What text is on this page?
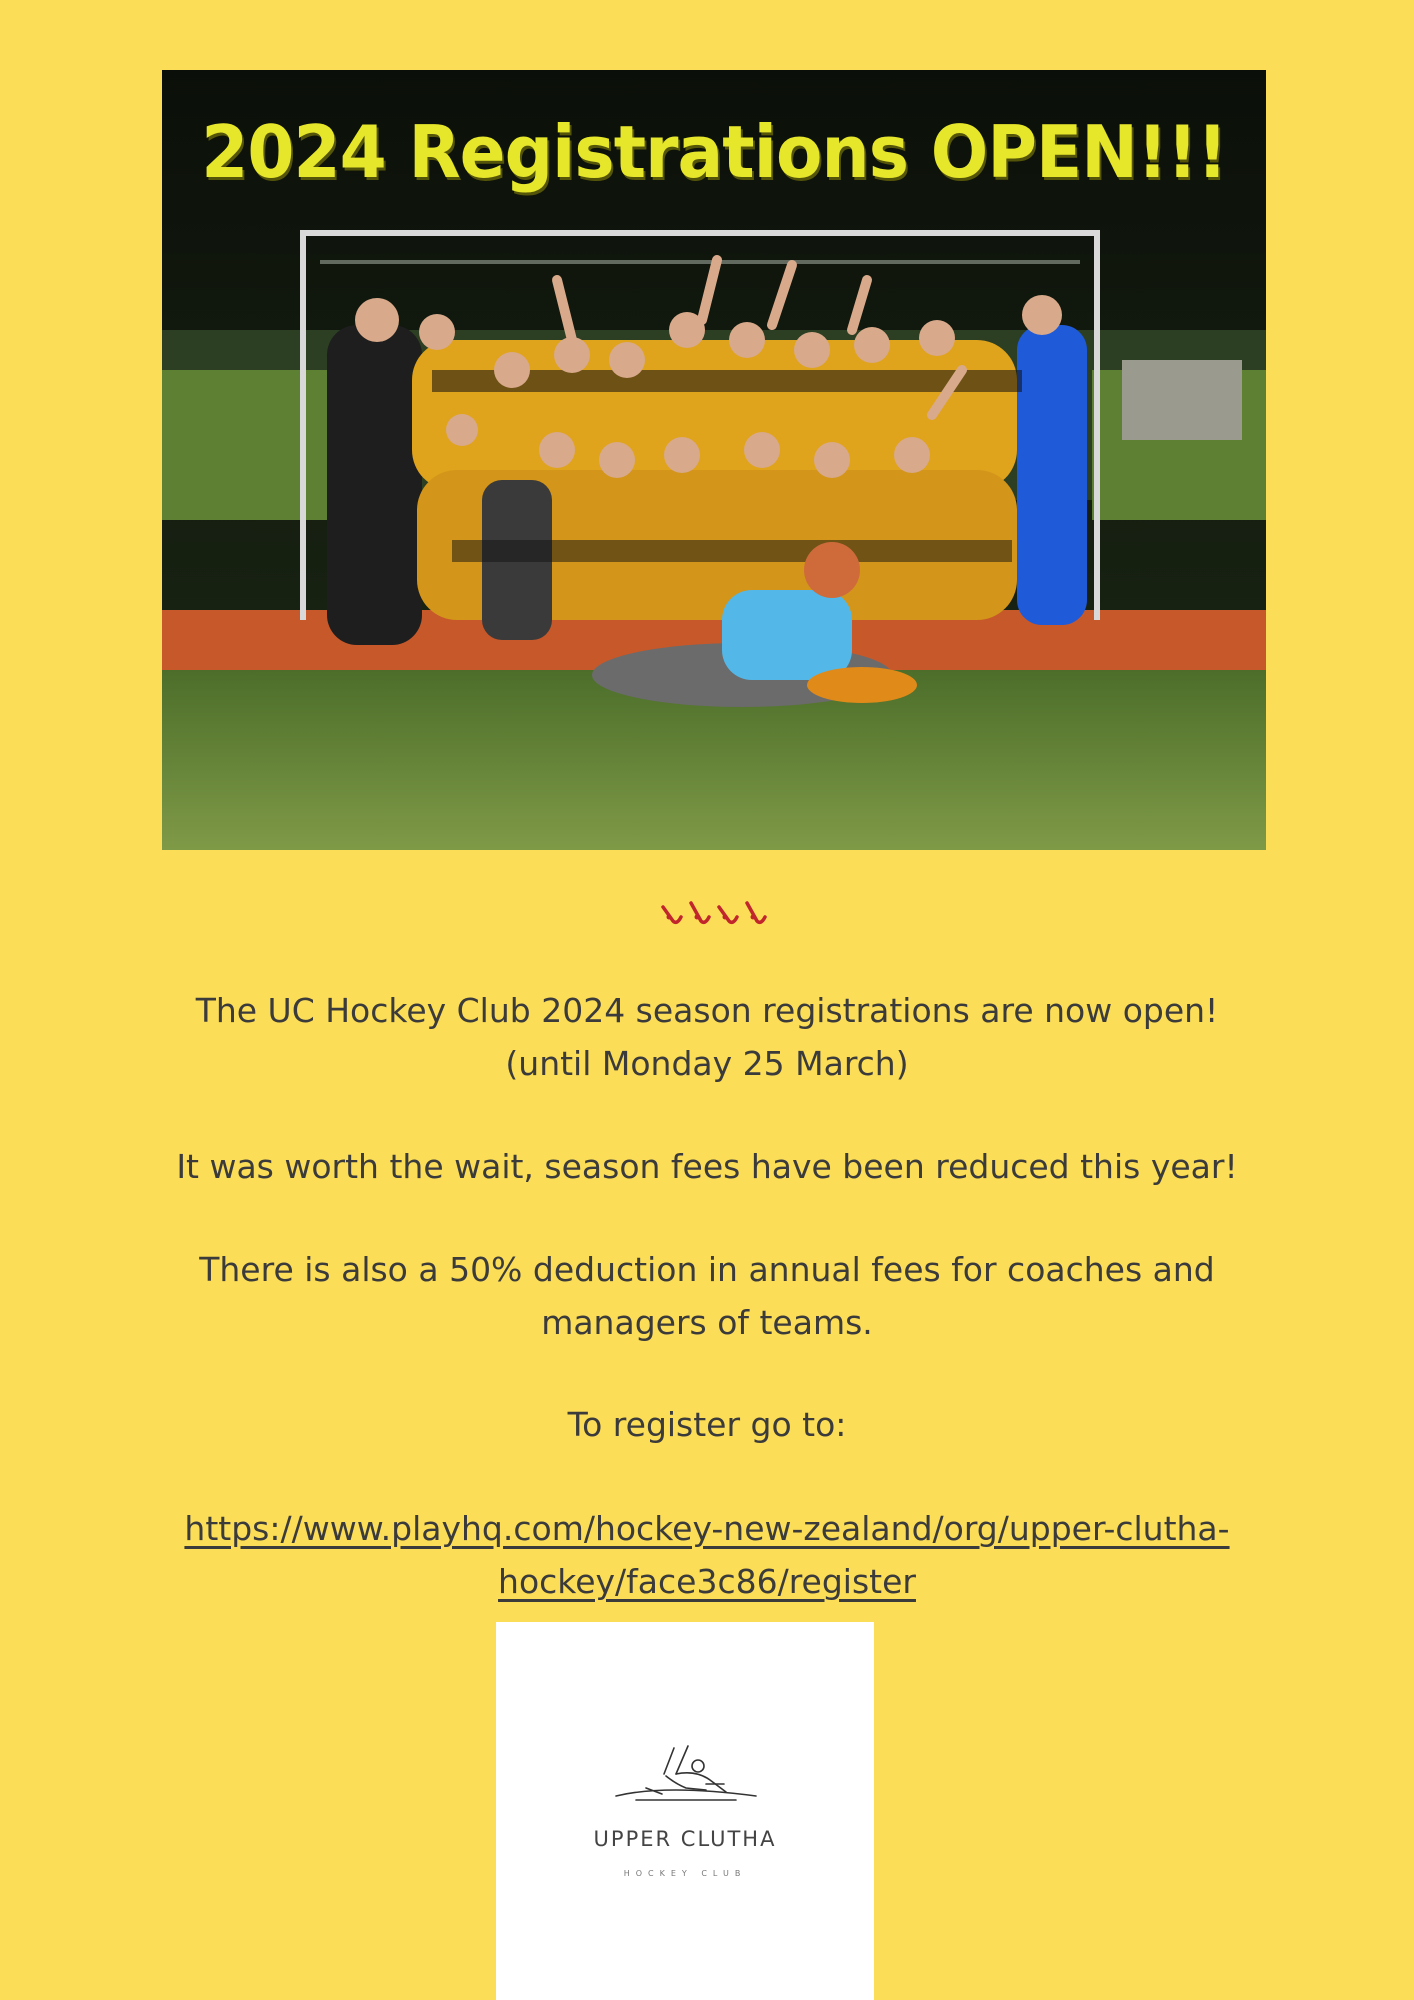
2024 Registrations OPEN!!!

The UC Hockey Club 2024 season registrations are now open!

(until Monday 25 March)

It was worth the wait, season fees have been reduced this year!

There is also a 50% deduction in annual fees for coaches and

managers of teams.

To register go to:

https://www.playhq.com/hockey-new-zealand/org/upper-clutha-
hockey/face3c86/register
UPPER CLUTHA
HOCKEY CLUB
